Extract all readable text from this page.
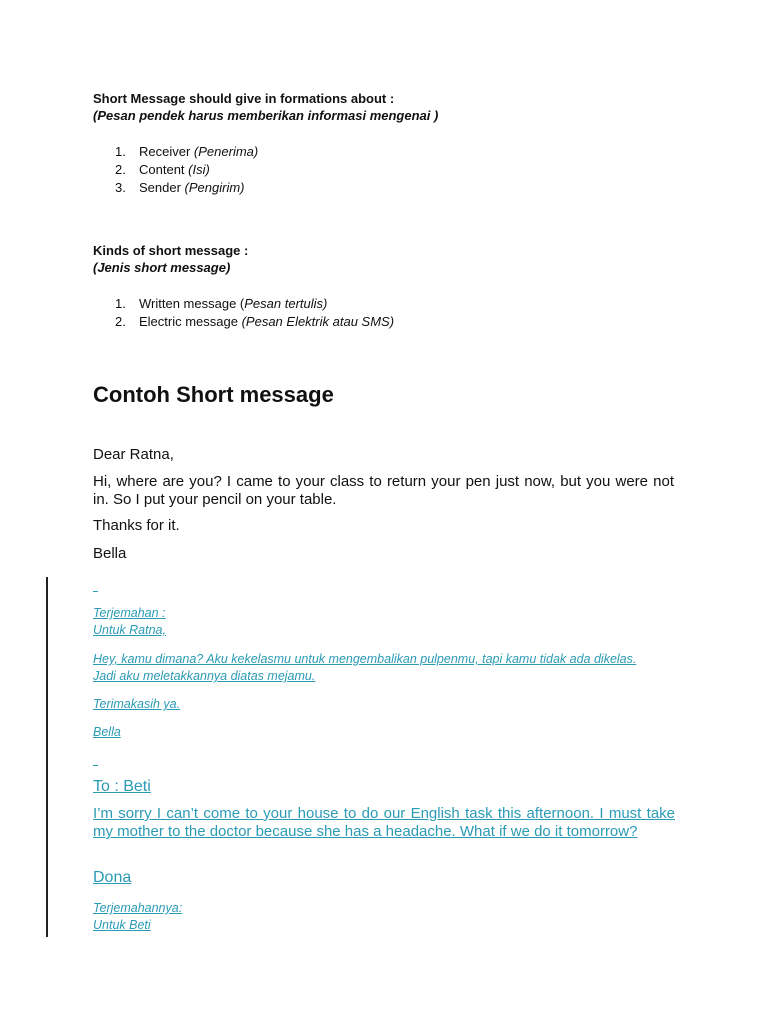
Short Message should give in formations about :
(Pesan pendek harus memberikan informasi mengenai )
1. Receiver (Penerima)
2. Content (Isi)
3. Sender (Pengirim)
Kinds of short message :
(Jenis short message)
1. Written message (Pesan tertulis)
2. Electric message (Pesan Elektrik atau SMS)
Contoh Short message

Dear Ratna,

Hi, where are you? I came to your class to return your pen just now, but you were not in. So I put your pencil on your table.

Thanks for it.

Bella

Terjemahan :

Untuk Ratna,

Hey, kamu dimana? Aku kekelasmu untuk mengembalikan pulpenmu, tapi kamu tidak ada dikelas. Jadi aku meletakkannya diatas mejamu.

Terimakasih ya.

Bella

To : Beti

I’m sorry I can’t come to your house to do our English task this afternoon. I must take my mother to the doctor because she has a headache. What if we do it tomorrow?

Dona

Terjemahannya:

Untuk Beti
